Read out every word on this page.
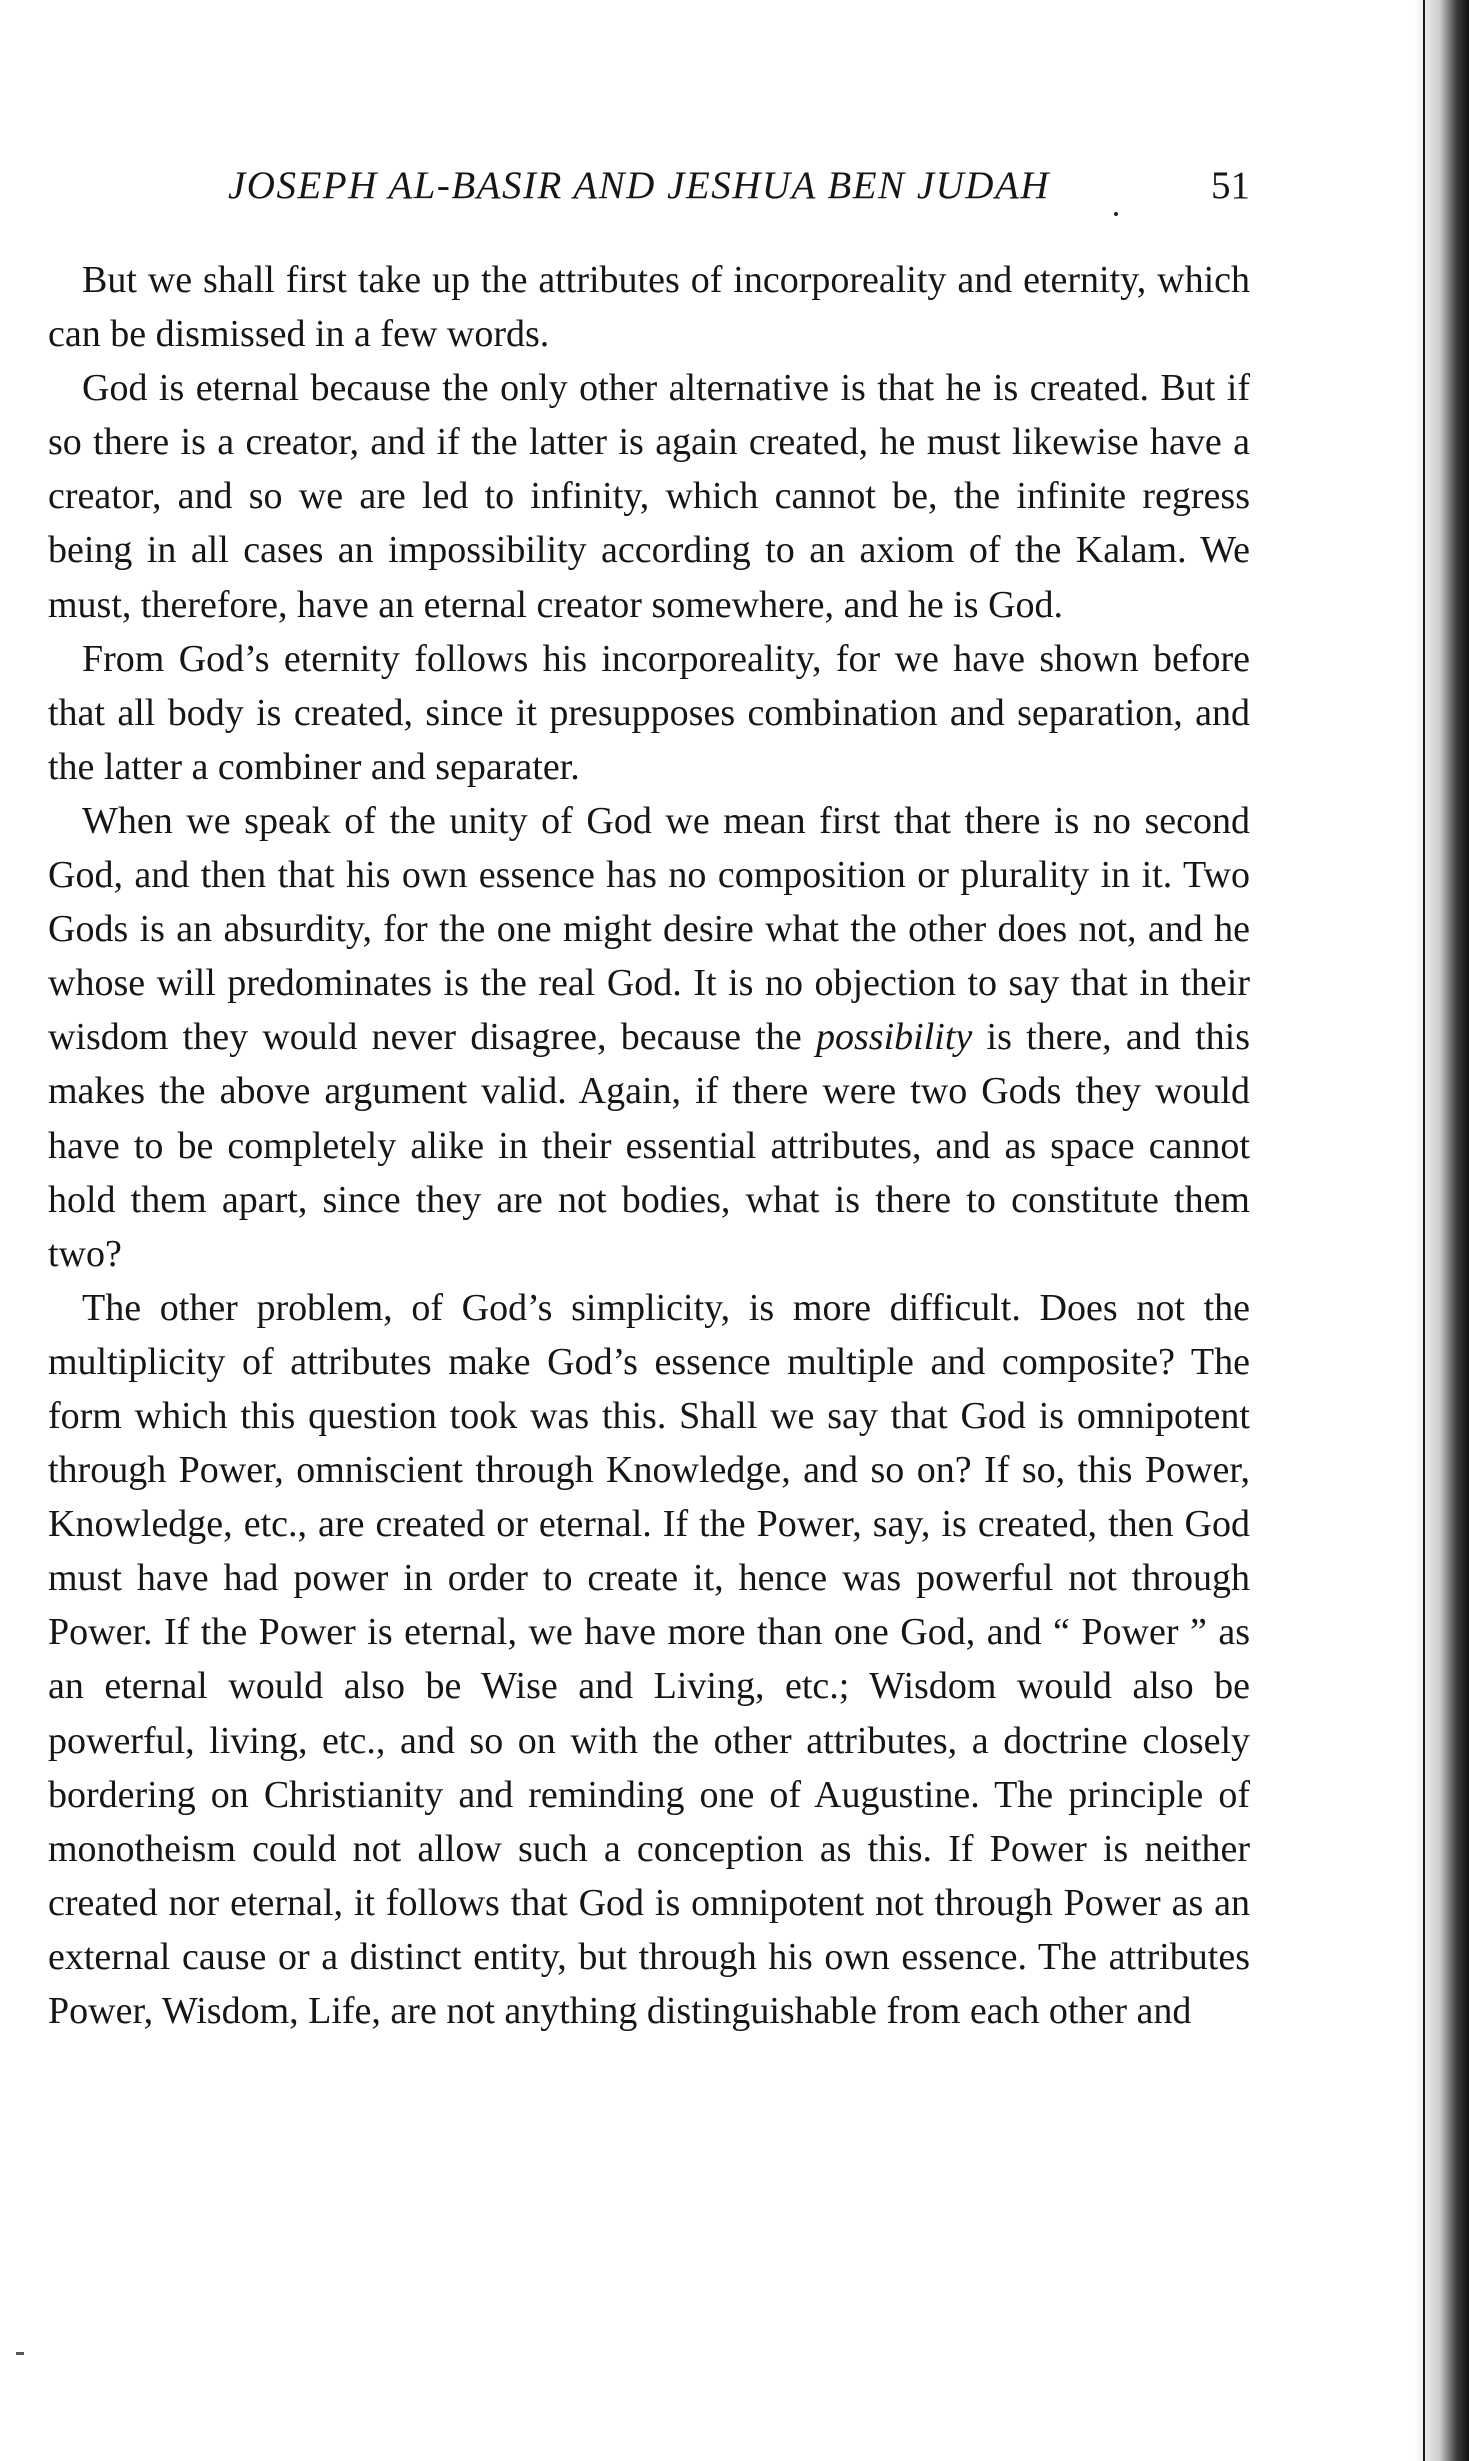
JOSEPH AL-BASIR AND JESHUA BEN JUDAH	51

But we shall first take up the attributes of incorporeality and eternity, which can be dismissed in a few words.

God is eternal because the only other alternative is that he is created. But if so there is a creator, and if the latter is again created, he must likewise have a creator, and so we are led to infinity, which cannot be, the infinite regress being in all cases an impossibility according to an axiom of the Kalam. We must, therefore, have an eternal creator somewhere, and he is God.

From God’s eternity follows his incorporeality, for we have shown before that all body is created, since it presupposes combination and separation, and the latter a combiner and separater.

When we speak of the unity of God we mean first that there is no second God, and then that his own essence has no composition or plurality in it. Two Gods is an absurdity, for the one might desire what the other does not, and he whose will predominates is the real God. It is no objection to say that in their wisdom they would never disagree, because the possibility is there, and this makes the above argument valid. Again, if there were two Gods they would have to be completely alike in their essential attributes, and as space cannot hold them apart, since they are not bodies, what is there to constitute them two?

The other problem, of God’s simplicity, is more difficult. Does not the multiplicity of attributes make God’s essence multiple and composite? The form which this question took was this. Shall we say that God is omnipotent through Power, omniscient through Knowledge, and so on? If so, this Power, Knowledge, etc., are created or eternal. If the Power, say, is created, then God must have had power in order to create it, hence was powerful not through Power. If the Power is eternal, we have more than one God, and “ Power ” as an eternal would also be Wise and Living, etc.; Wisdom would also be powerful, living, etc., and so on with the other attributes, a doctrine closely bordering on Christianity and reminding one of Augustine. The principle of monotheism could not allow such a conception as this. If Power is neither created nor eternal, it follows that God is omnipotent not through Power as an external cause or a distinct entity, but through his own essence. The attributes Power, Wisdom, Life, are not anything distinguishable from each other and
